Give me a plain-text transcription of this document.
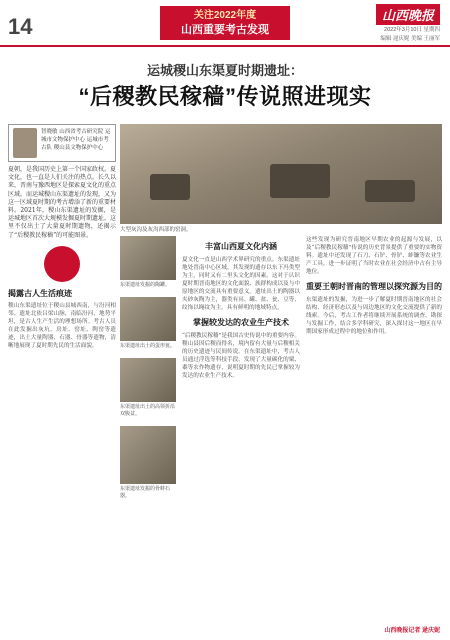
14	关注2022年度
山西重要考古发现
山西晚报
2022年3月10日 星期四
编辑 逯庆妮 美编 王丽军
运城稷山东渠夏时期遗址：
“后稷教民稼穑”传说照进现实
智晓敏 山西省考古研究院 运城市文物保护中心 运城市考古队 稷山县文物保护中心
夏朝，是我国历史上第一个国家政权。夏文化，也一直是人们关注的热点。长久以来，晋南与豫西地区是探索夏文化的重点区域。而运城稷山东渠遗址的发现，又为这一区域夏时期的考古增添了新的重要材料。2021年，稷山东渠遗址的发掘，是运城地区首次大规模发掘夏时期遗址。这里不仅出土了大量夏时期遗物，还揭示了“后稷教民稼穑”的可能图景。
揭露古人生活痕迹
稷山东渠遗址位于稷山县城西南，与汾河相邻。遗址北依吕梁山脉，南临汾河，地势平坦，是古人生产生活的理想场所。考古人员在此发掘出灰坑、房址、窑址、陶窑等遗迹，出土大量陶器、石器、骨器等遗物，清晰地展现了夏时期先民的生活面貌。
大型灰沟及灰沟西部的窑洞。
东渠遗址发掘的陶罐。
东渠遗址出土的蛋形瓮。
东渠遗址出土的高领折沿双腹盆。
东渠遗址发掘的骨蚌石器。
丰富山西夏文化内涵
夏文化一直是山西学术界研究的重点。东渠遗址地处晋南中心区域，其发现的遗存以东下冯类型为主，同时又有二里头文化的因素。这对于认识夏时期晋南地区的文化面貌、族群构成以及与中原地区的交流具有重要意义。遗址出土的陶器以夹砂灰陶为主，器类有鬲、罐、盆、瓮、豆等，纹饰以绳纹为主，具有鲜明的地域特点。
掌握较发达的农业生产技术
“后稷教民稼穑”是我国古史传说中的重要内容。稷山县因后稷而得名，境内留有大量与后稷相关的历史遗迹与民间传说。在东渠遗址中，考古人员通过浮选等科技手段，发现了大量碳化的粟、黍等农作物遗存，说明夏时期的先民已掌握较为发达的农业生产技术。
这些发现为研究晋南地区早期农业的起源与发展，以及“后稷教民稼穑”传说的历史背景提供了重要的实物资料。遗址中还发现了石刀、石铲、骨铲、蚌镰等农业生产工具，进一步证明了当时农业在社会经济中占有主导地位。
重要王朝时晋南的管理以探究源为目的
东渠遗址的发掘，为进一步了解夏时期晋南地区的社会结构、经济形态以及与周边地区的文化交流提供了新的线索。今后，考古工作者将继续开展系统的调查、勘探与发掘工作，结合多学科研究，深入探讨这一地区在早期国家形成过程中的地位和作用。
山西晚报记者 逯庆妮
